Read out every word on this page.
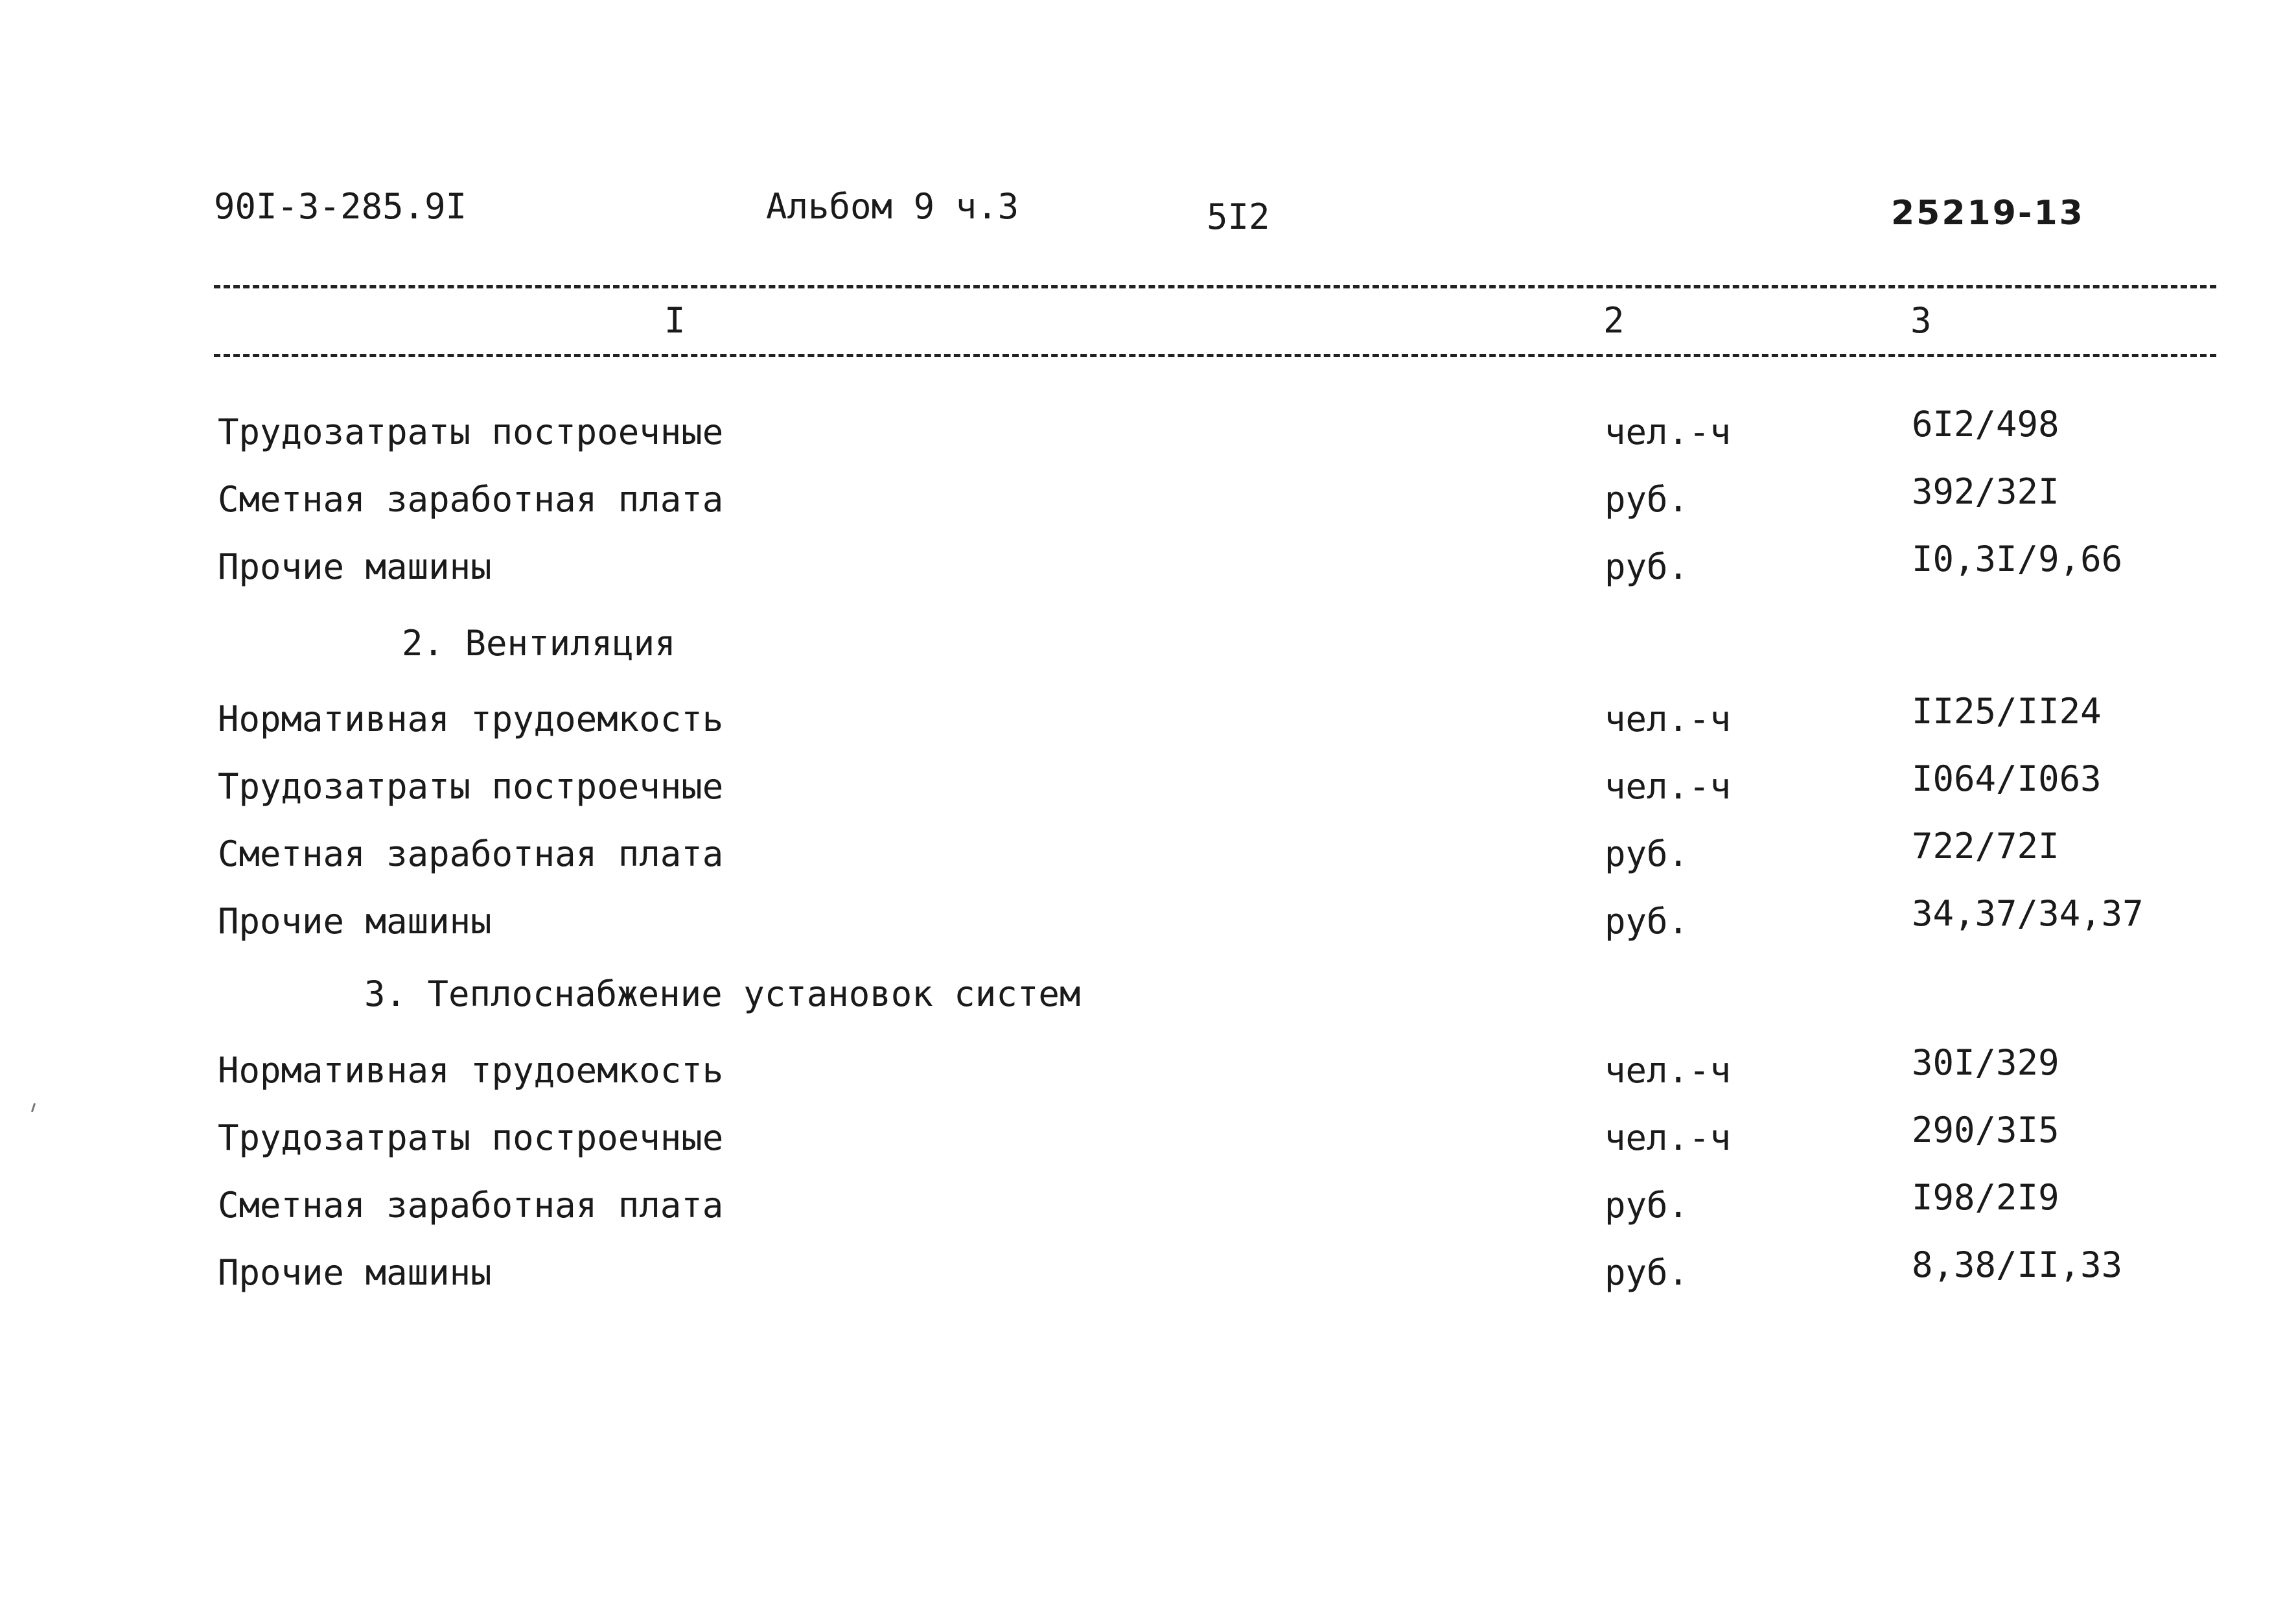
90I-3-285.9I	Альбом 9 ч.3	5I2	25219-13
I	2	3
Трудозатраты построечные	чел.-ч	6I2/498
Сметная заработная плата	руб.	392/32I
Прочие машины	руб.	I0,3I/9,66
2. Вентиляция
Нормативная трудоемкость	чел.-ч	II25/II24
Трудозатраты построечные	чел.-ч	I064/I063
Сметная заработная плата	руб.	722/72I
Прочие машины	руб.	34,37/34,37
3. Теплоснабжение установок систем
Нормативная трудоемкость	чел.-ч	30I/329
Трудозатраты построечные	чел.-ч	290/3I5
Сметная заработная плата	руб.	I98/2I9
Прочие машины	руб.	8,38/II,33
